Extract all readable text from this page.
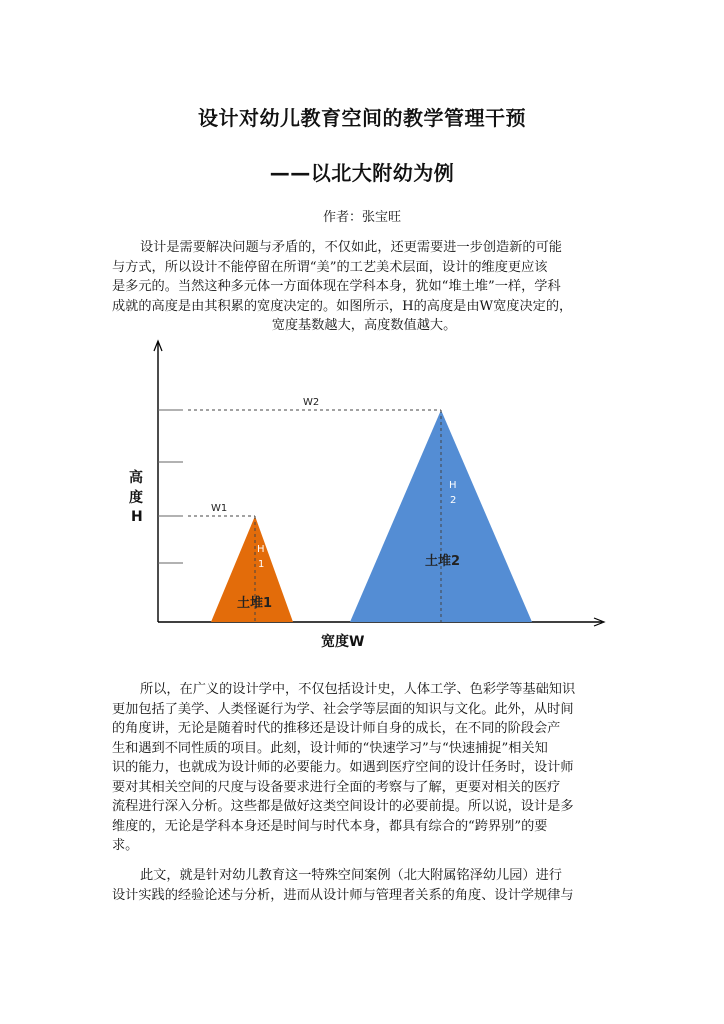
设计对幼儿教育空间的教学管理干预
——以北大附幼为例
作者：张宝旺
设计是需要解决问题与矛盾的，不仅如此，还更需要进一步创造新的可能
与方式，所以设计不能停留在所谓“美”的工艺美术层面，设计的维度更应该
是多元的。当然这种多元体一方面体现在学科本身，犹如“堆土堆”一样，学科
成就的高度是由其积累的宽度决定的。如图所示，H的高度是由W宽度决定的，
宽度基数越大，高度数值越大。
W1
H
1
土堆1
W2
H
2
土堆2
高
度
H
宽度W
所以，在广义的设计学中，不仅包括设计史，人体工学、色彩学等基础知识
更加包括了美学、人类怪诞行为学、社会学等层面的知识与文化。此外，从时间
的角度讲，无论是随着时代的推移还是设计师自身的成长，在不同的阶段会产
生和遇到不同性质的项目。此刻，设计师的“快速学习”与“快速捕捉”相关知
识的能力，也就成为设计师的必要能力。如遇到医疗空间的设计任务时，设计师
要对其相关空间的尺度与设备要求进行全面的考察与了解，更要对相关的医疗
流程进行深入分析。这些都是做好这类空间设计的必要前提。所以说，设计是多
维度的，无论是学科本身还是时间与时代本身，都具有综合的“跨界别”的要
求。
此文，就是针对幼儿教育这一特殊空间案例（北大附属铭泽幼儿园）进行
设计实践的经验论述与分析，进而从设计师与管理者关系的角度、设计学规律与
